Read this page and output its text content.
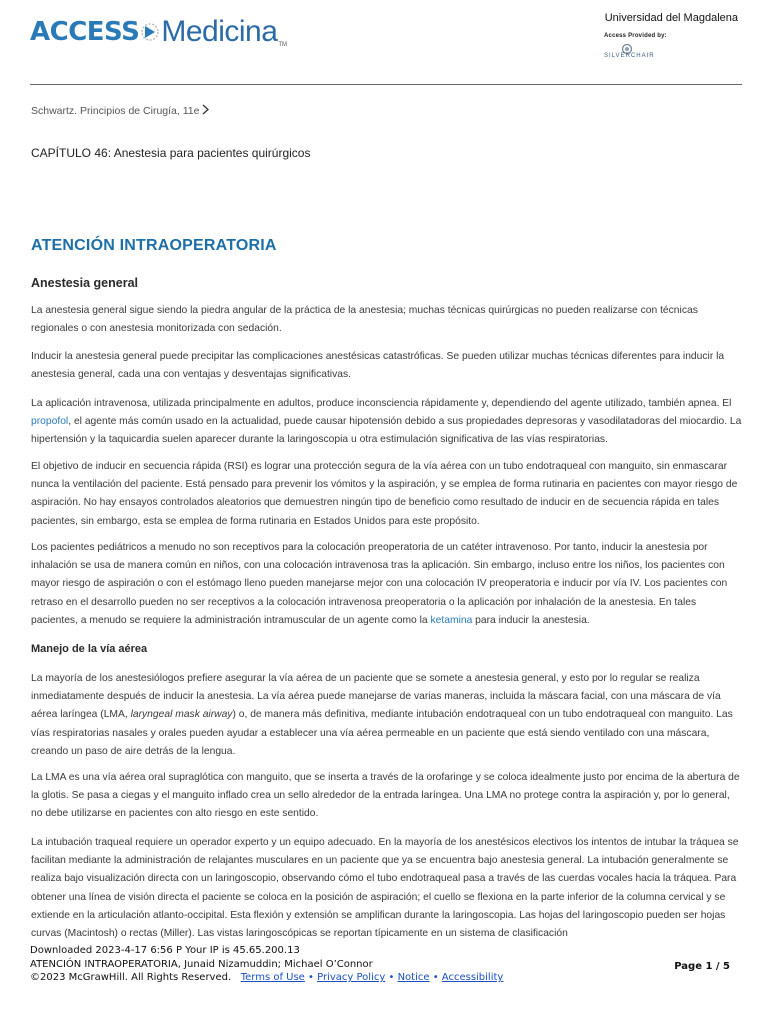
ACCESS Medicina TM
Universidad del Magdalena
Access Provided by:
SILVERCHAIR
Schwartz. Principios de Cirugía, 11e
CAPÍTULO 46: Anestesia para pacientes quirúrgicos
ATENCIÓN INTRAOPERATORIA
Anestesia general
La anestesia general sigue siendo la piedra angular de la práctica de la anestesia; muchas técnicas quirúrgicas no pueden realizarse con técnicas regionales o con anestesia monitorizada con sedación.
Inducir la anestesia general puede precipitar las complicaciones anestésicas catastróficas. Se pueden utilizar muchas técnicas diferentes para inducir la anestesia general, cada una con ventajas y desventajas significativas.
La aplicación intravenosa, utilizada principalmente en adultos, produce inconsciencia rápidamente y, dependiendo del agente utilizado, también apnea. El propofol, el agente más común usado en la actualidad, puede causar hipotensión debido a sus propiedades depresoras y vasodilatadoras del miocardio. La hipertensión y la taquicardia suelen aparecer durante la laringoscopia u otra estimulación significativa de las vías respiratorias.
El objetivo de inducir en secuencia rápida (RSI) es lograr una protección segura de la vía aérea con un tubo endotraqueal con manguito, sin enmascarar nunca la ventilación del paciente. Está pensado para prevenir los vómitos y la aspiración, y se emplea de forma rutinaria en pacientes con mayor riesgo de aspiración. No hay ensayos controlados aleatorios que demuestren ningún tipo de beneficio como resultado de inducir en de secuencia rápida en tales pacientes, sin embargo, esta se emplea de forma rutinaria en Estados Unidos para este propósito.
Los pacientes pediátricos a menudo no son receptivos para la colocación preoperatoria de un catéter intravenoso. Por tanto, inducir la anestesia por inhalación se usa de manera común en niños, con una colocación intravenosa tras la aplicación. Sin embargo, incluso entre los niños, los pacientes con mayor riesgo de aspiración o con el estómago lleno pueden manejarse mejor con una colocación IV preoperatoria e inducir por vía IV. Los pacientes con retraso en el desarrollo pueden no ser receptivos a la colocación intravenosa preoperatoria o la aplicación por inhalación de la anestesia. En tales pacientes, a menudo se requiere la administración intramuscular de un agente como la ketamina para inducir la anestesia.
Manejo de la vía aérea
La mayoría de los anestesiólogos prefiere asegurar la vía aérea de un paciente que se somete a anestesia general, y esto por lo regular se realiza inmediatamente después de inducir la anestesia. La vía aérea puede manejarse de varias maneras, incluida la máscara facial, con una máscara de vía aérea laríngea (LMA, laryngeal mask airway) o, de manera más definitiva, mediante intubación endotraqueal con un tubo endotraqueal con manguito. Las vías respiratorias nasales y orales pueden ayudar a establecer una vía aérea permeable en un paciente que está siendo ventilado con una máscara, creando un paso de aire detrás de la lengua.
La LMA es una vía aérea oral supraglótica con manguito, que se inserta a través de la orofaringe y se coloca idealmente justo por encima de la abertura de la glotis. Se pasa a ciegas y el manguito inflado crea un sello alrededor de la entrada laríngea. Una LMA no protege contra la aspiración y, por lo general, no debe utilizarse en pacientes con alto riesgo en este sentido.
La intubación traqueal requiere un operador experto y un equipo adecuado. En la mayoría de los anestésicos electivos los intentos de intubar la tráquea se facilitan mediante la administración de relajantes musculares en un paciente que ya se encuentra bajo anestesia general. La intubación generalmente se realiza bajo visualización directa con un laringoscopio, observando cómo el tubo endotraqueal pasa a través de las cuerdas vocales hacia la tráquea. Para obtener una línea de visión directa el paciente se coloca en la posición de aspiración; el cuello se flexiona en la parte inferior de la columna cervical y se extiende en la articulación atlanto-occipital. Esta flexión y extensión se amplifican durante la laringoscopia. Las hojas del laringoscopio pueden ser hojas curvas (Macintosh) o rectas (Miller). Las vistas laringoscópicas se reportan típicamente en un sistema de clasificación
Downloaded 2023-4-17 6:56 P Your IP is 45.65.200.13
ATENCIÓN INTRAOPERATORIA, Junaid Nizamuddin; Michael O’Connor
©2023 McGrawHill. All Rights Reserved. Terms of Use • Privacy Policy • Notice • Accessibility
Page 1 / 5
